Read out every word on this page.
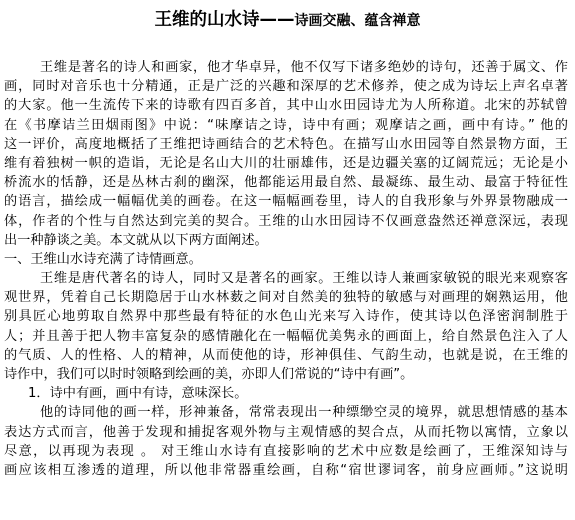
王维的山水诗——诗画交融、蕴含禅意
王维是著名的诗人和画家，他才华卓异，他不仅写下诸多绝妙的诗句，还善于属文、作
画，同时对音乐也十分精通，正是广泛的兴趣和深厚的艺术修养，使之成为诗坛上声名卓著
的大家。他一生流传下来的诗歌有四百多首，其中山水田园诗尤为人所称道。北宋的苏轼曾
在《书摩诘兰田烟雨图》中说：“味摩诘之诗，诗中有画；观摩诘之画，画中有诗。” 他的
这一评价，高度地概括了王维把诗画结合的艺术特色。在描写山水田园等自然景物方面，王
维有着独树一帜的造诣，无论是名山大川的壮丽雄伟，还是边疆关塞的辽阔荒远；无论是小
桥流水的恬静，还是丛林古刹的幽深，他都能运用最自然、最凝练、最生动、最富于特征性
的语言，描绘成一幅幅优美的画卷。在这一幅幅画卷里，诗人的自我形象与外界景物融成一
体，作者的个性与自然达到完美的契合。王维的山水田园诗不仅画意盎然还禅意深远，表现
出一种静谈之美。本文就从以下两方面阐述。
一、王维山水诗充满了诗情画意。
王维是唐代著名的诗人，同时又是著名的画家。王维以诗人兼画家敏锐的眼光来观察客
观世界，凭着自己长期隐居于山水林薮之间对自然美的独特的敏感与对画理的娴熟运用，他
别具匠心地剪取自然界中那些最有特征的水色山光来写入诗作，使其诗以色泽密润制胜于
人；并且善于把人物丰富复杂的感情融化在一幅幅优美隽永的画面上，给自然景色注入了人
的气质、人的性格、人的精神，从而使他的诗，形神俱佳、气韵生动，也就是说，在王维的
诗作中，我们可以时时领略到绘画的美，亦即人们常说的“诗中有画”。
1．诗中有画，画中有诗，意味深长。
他的诗同他的画一样，形神兼备，常常表现出一种缥缈空灵的境界，就思想情感的基本
表达方式而言，他善于发现和捕捉客观外物与主观情感的契合点，从而托物以寓情，立象以
尽意，以再现为表现 。 对王维山水诗有直接影响的艺术中应数是绘画了，王维深知诗与
画应该相互渗透的道理，所以他非常器重绘画，自称“宿世谬词客，前身应画师。”这说明
